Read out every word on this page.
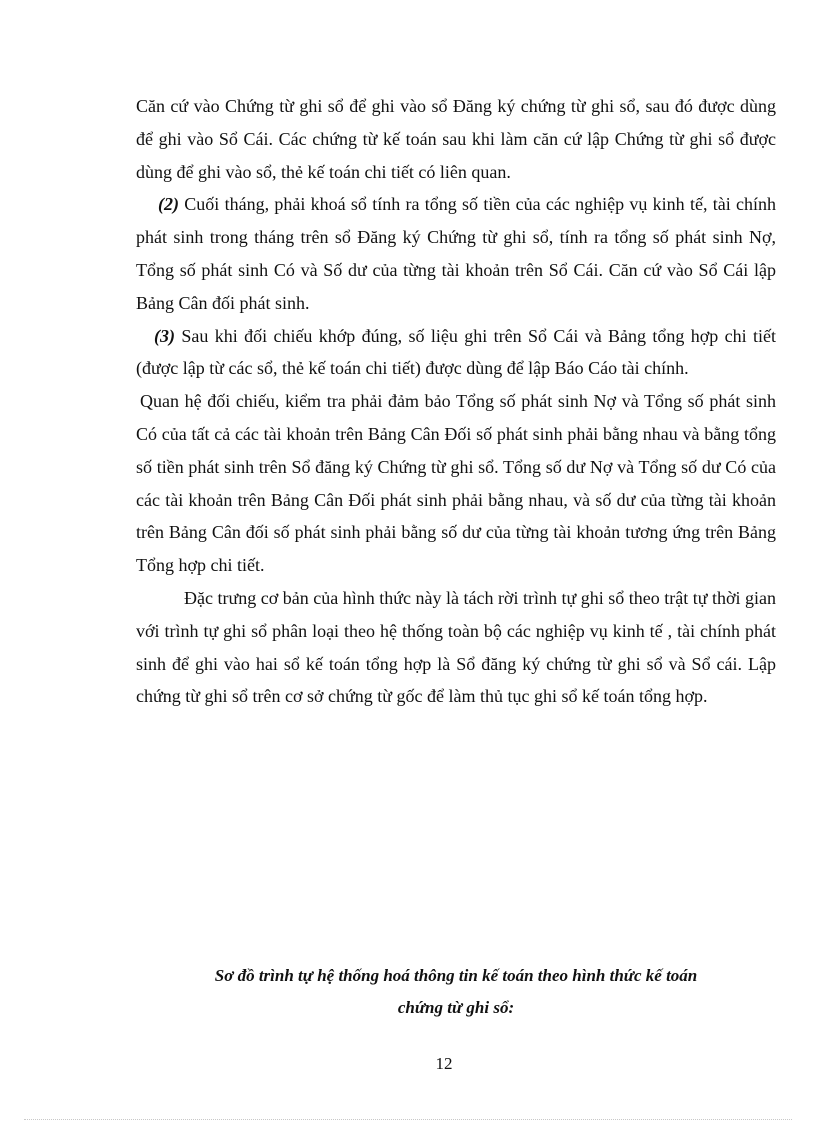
Căn cứ vào Chứng từ ghi sổ để ghi vào sổ Đăng ký chứng từ ghi sổ, sau đó được dùng để ghi vào Sổ Cái. Các chứng từ kế toán sau khi làm căn cứ lập Chứng từ ghi sổ được dùng để ghi vào sổ, thẻ kế toán chi tiết có liên quan.

(2) Cuối tháng, phải khoá sổ tính ra tổng số tiền của các nghiệp vụ kinh tế, tài chính phát sinh trong tháng trên sổ Đăng ký Chứng từ ghi sổ, tính ra tổng số phát sinh Nợ, Tổng số phát sinh Có và Số dư của từng tài khoản trên Sổ Cái. Căn cứ vào Sổ Cái lập Bảng Cân đối phát sinh.

(3) Sau khi đối chiếu khớp đúng, số liệu ghi trên Sổ Cái và Bảng tổng hợp chi tiết (được lập từ các sổ, thẻ kế toán chi tiết) được dùng để lập Báo Cáo tài chính.

Quan hệ đối chiếu, kiểm tra phải đảm bảo Tổng số phát sinh Nợ và Tổng số phát sinh Có của tất cả các tài khoản trên Bảng Cân Đối số phát sinh phải bằng nhau và bằng tổng số tiền phát sinh trên Sổ đăng ký Chứng từ ghi sổ. Tổng số dư Nợ và Tổng số dư Có của các tài khoản trên Bảng Cân Đối phát sinh phải bằng nhau, và số dư của từng tài khoản trên Bảng Cân đối số phát sinh phải bằng số dư của từng tài khoản tương ứng trên Bảng Tổng hợp chi tiết.

Đặc trưng cơ bản của hình thức này là tách rời trình tự ghi sổ theo trật tự thời gian với trình tự ghi sổ phân loại theo hệ thống toàn bộ các nghiệp vụ kinh tế , tài chính phát sinh để ghi vào hai sổ kế toán tổng hợp là Sổ đăng ký chứng từ ghi sổ và Sổ cái. Lập chứng từ ghi sổ trên cơ sở chứng từ gốc để làm thủ tục ghi sổ kế toán tổng hợp.

Sơ đồ trình tự hệ thống hoá thông tin kế toán theo hình thức kế toán
chứng từ ghi sổ:
12
